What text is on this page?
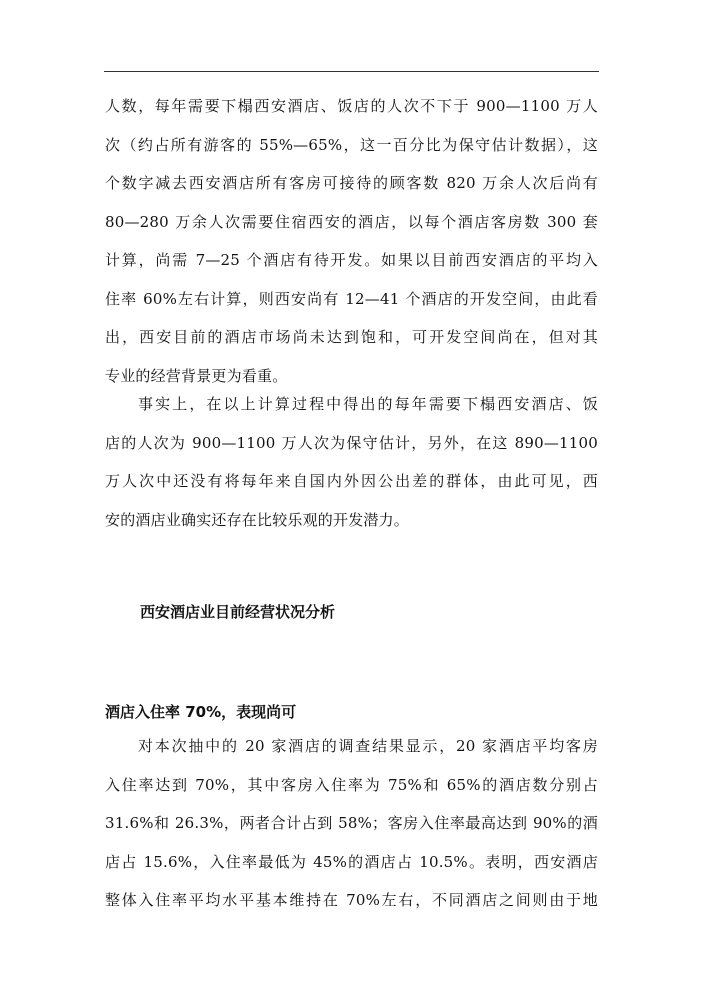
人数，每年需要下榻西安酒店、饭店的人次不下于 900—1100 万人
次（约占所有游客的 55%—65%，这一百分比为保守估计数据），这
个数字减去西安酒店所有客房可接待的顾客数 820 万余人次后尚有
80—280 万余人次需要住宿西安的酒店，以每个酒店客房数 300 套
计算，尚需 7—25 个酒店有待开发。如果以目前西安酒店的平均入
住率 60%左右计算，则西安尚有 12—41 个酒店的开发空间，由此看
出，西安目前的酒店市场尚未达到饱和，可开发空间尚在，但对其
专业的经营背景更为看重。
事实上，在以上计算过程中得出的每年需要下榻西安酒店、饭
店的人次为 900—1100 万人次为保守估计，另外，在这 890—1100
万人次中还没有将每年来自国内外因公出差的群体，由此可见，西
安的酒店业确实还存在比较乐观的开发潜力。
西安酒店业目前经营状况分析
酒店入住率 70%，表现尚可
对本次抽中的 20 家酒店的调查结果显示，20 家酒店平均客房
入住率达到 70%，其中客房入住率为 75%和 65%的酒店数分别占
31.6%和 26.3%，两者合计占到 58%；客房入住率最高达到 90%的酒
店占 15.6%，入住率最低为 45%的酒店占 10.5%。表明，西安酒店
整体入住率平均水平基本维持在 70%左右，不同酒店之间则由于地
